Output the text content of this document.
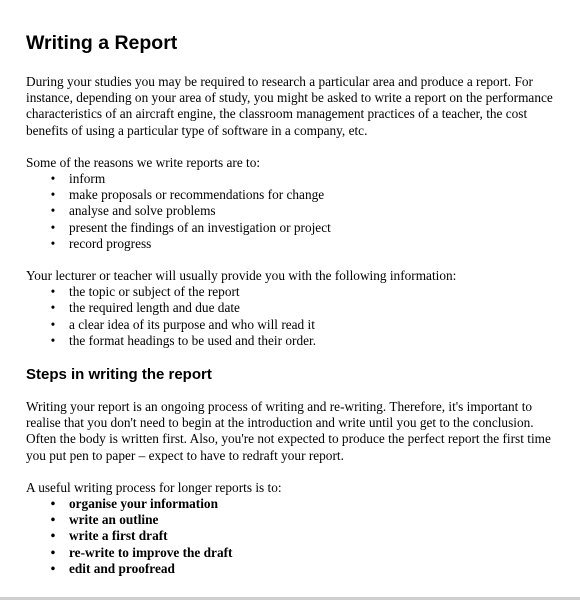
Writing a Report

During your studies you may be required to research a particular area and produce a report. For
instance, depending on your area of study, you might be asked to write a report on the performance
characteristics of an aircraft engine, the classroom management practices of a teacher, the cost
benefits of using a particular type of software in a company, etc.

Some of the reasons we write reports are to:

• inform
• make proposals or recommendations for change
• analyse and solve problems
• present the findings of an investigation or project
• record progress

Your lecturer or teacher will usually provide you with the following information:

• the topic or subject of the report
• the required length and due date
• a clear idea of its purpose and who will read it
• the format headings to be used and their order.
Steps in writing the report

Writing your report is an ongoing process of writing and re-writing. Therefore, it's important to
realise that you don't need to begin at the introduction and write until you get to the conclusion.
Often the body is written first. Also, you're not expected to produce the perfect report the first time
you put pen to paper – expect to have to redraft your report.

A useful writing process for longer reports is to:

• organise your information
• write an outline
• write a first draft
• re-write to improve the draft
• edit and proofread
